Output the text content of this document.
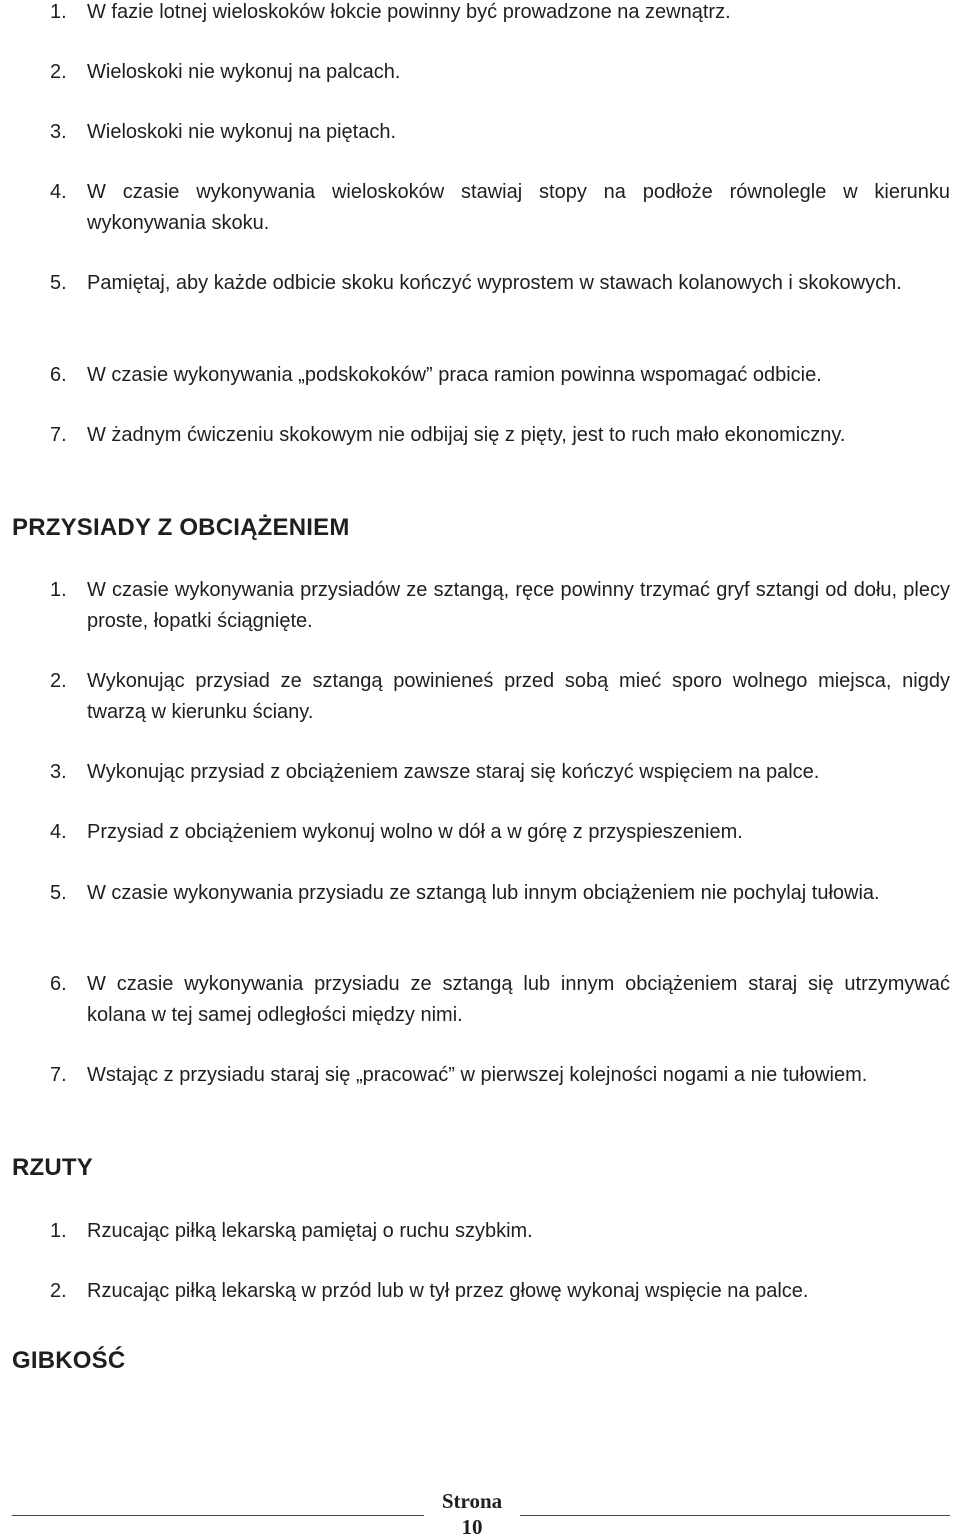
1. W fazie lotnej wieloskoków łokcie powinny być prowadzone na zewnątrz.
2. Wieloskoki nie wykonuj na palcach.
3. Wieloskoki nie wykonuj na piętach.
4. W czasie wykonywania wieloskoków stawiaj stopy na podłoże równolegle w kierunku wykonywania skoku.
5. Pamiętaj, aby każde odbicie skoku kończyć wyprostem w stawach kolanowych i skokowych.
6. W czasie wykonywania „podskokoków” praca ramion powinna wspomagać odbicie.
7. W żadnym ćwiczeniu skokowym nie odbijaj się z pięty, jest to ruch mało ekonomiczny.
PRZYSIADY Z OBCIĄŻENIEM
1. W czasie wykonywania przysiadów ze sztangą, ręce powinny trzymać gryf sztangi od dołu, plecy proste, łopatki ściągnięte.
2. Wykonując przysiad ze sztangą powinieneś przed sobą mieć sporo wolnego miejsca, nigdy twarzą w kierunku ściany.
3. Wykonując przysiad z obciążeniem zawsze staraj się kończyć wspięciem na palce.
4. Przysiad z obciążeniem wykonuj wolno w dół a w górę z przyspieszeniem.
5. W czasie wykonywania przysiadu ze sztangą lub innym obciążeniem nie pochylaj tułowia.
6. W czasie wykonywania przysiadu ze sztangą lub innym obciążeniem staraj się utrzymywać kolana w tej samej odległości między nimi.
7. Wstając z przysiadu staraj się „pracować” w pierwszej kolejności nogami a nie tułowiem.
RZUTY
1. Rzucając piłką lekarską pamiętaj o ruchu szybkim.
2. Rzucając piłką lekarską w przód lub w tył przez głowę wykonaj wspięcie na palce.
GIBKOŚĆ
Strona
10
